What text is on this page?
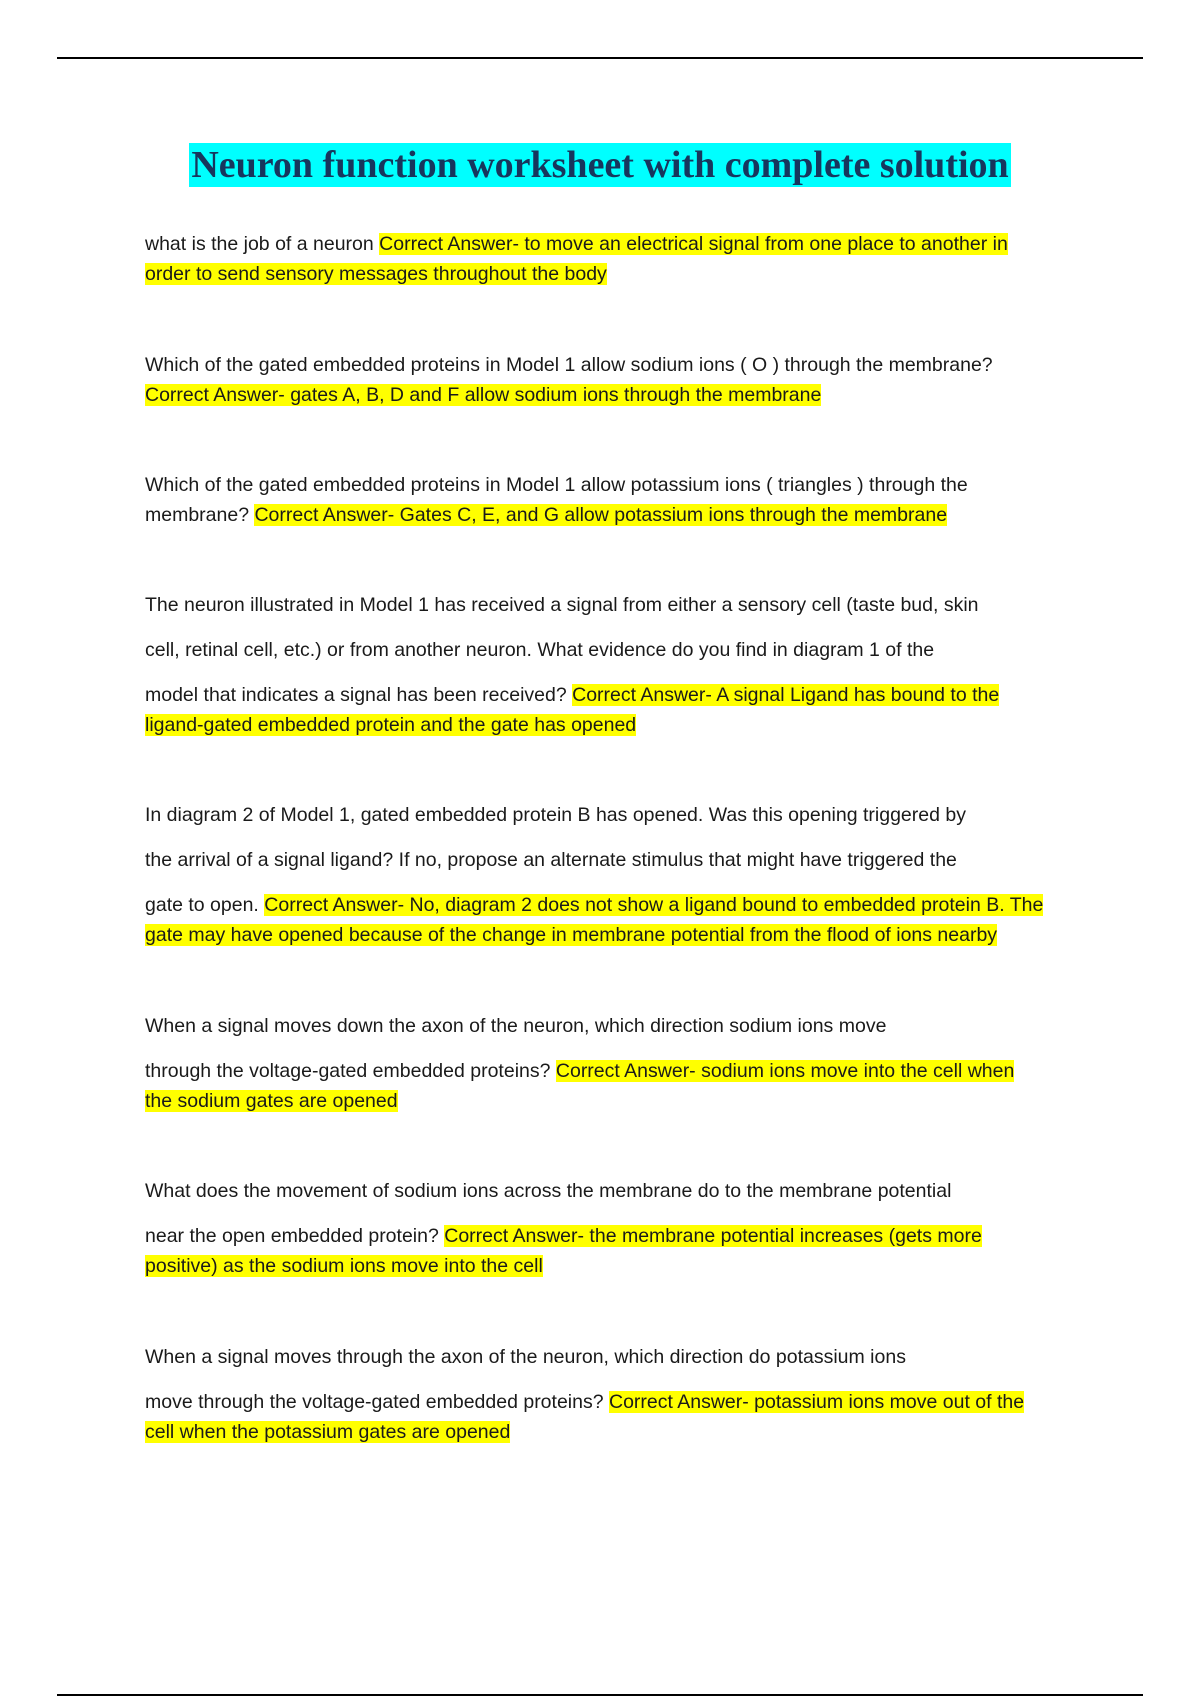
Neuron function worksheet with complete solution
what is the job of a neuron Correct Answer- to move an electrical signal from one place to another in
order to send sensory messages throughout the body
Which of the gated embedded proteins in Model 1 allow sodium ions ( O ) through the membrane?
Correct Answer- gates A, B, D and F allow sodium ions through the membrane
Which of the gated embedded proteins in Model 1 allow potassium ions ( triangles ) through the
membrane? Correct Answer- Gates C, E, and G allow potassium ions through the membrane
The neuron illustrated in Model 1 has received a signal from either a sensory cell (taste bud, skin
cell, retinal cell, etc.) or from another neuron. What evidence do you find in diagram 1 of the
model that indicates a signal has been received? Correct Answer- A signal Ligand has bound to the
ligand-gated embedded protein and the gate has opened
In diagram 2 of Model 1, gated embedded protein B has opened. Was this opening triggered by
the arrival of a signal ligand? If no, propose an alternate stimulus that might have triggered the
gate to open. Correct Answer- No, diagram 2 does not show a ligand bound to embedded protein B. The
gate may have opened because of the change in membrane potential from the flood of ions nearby
When a signal moves down the axon of the neuron, which direction sodium ions move
through the voltage-gated embedded proteins? Correct Answer- sodium ions move into the cell when
the sodium gates are opened
What does the movement of sodium ions across the membrane do to the membrane potential
near the open embedded protein? Correct Answer- the membrane potential increases (gets more
positive) as the sodium ions move into the cell
When a signal moves through the axon of the neuron, which direction do potassium ions
move through the voltage-gated embedded proteins? Correct Answer- potassium ions move out of the
cell when the potassium gates are opened
